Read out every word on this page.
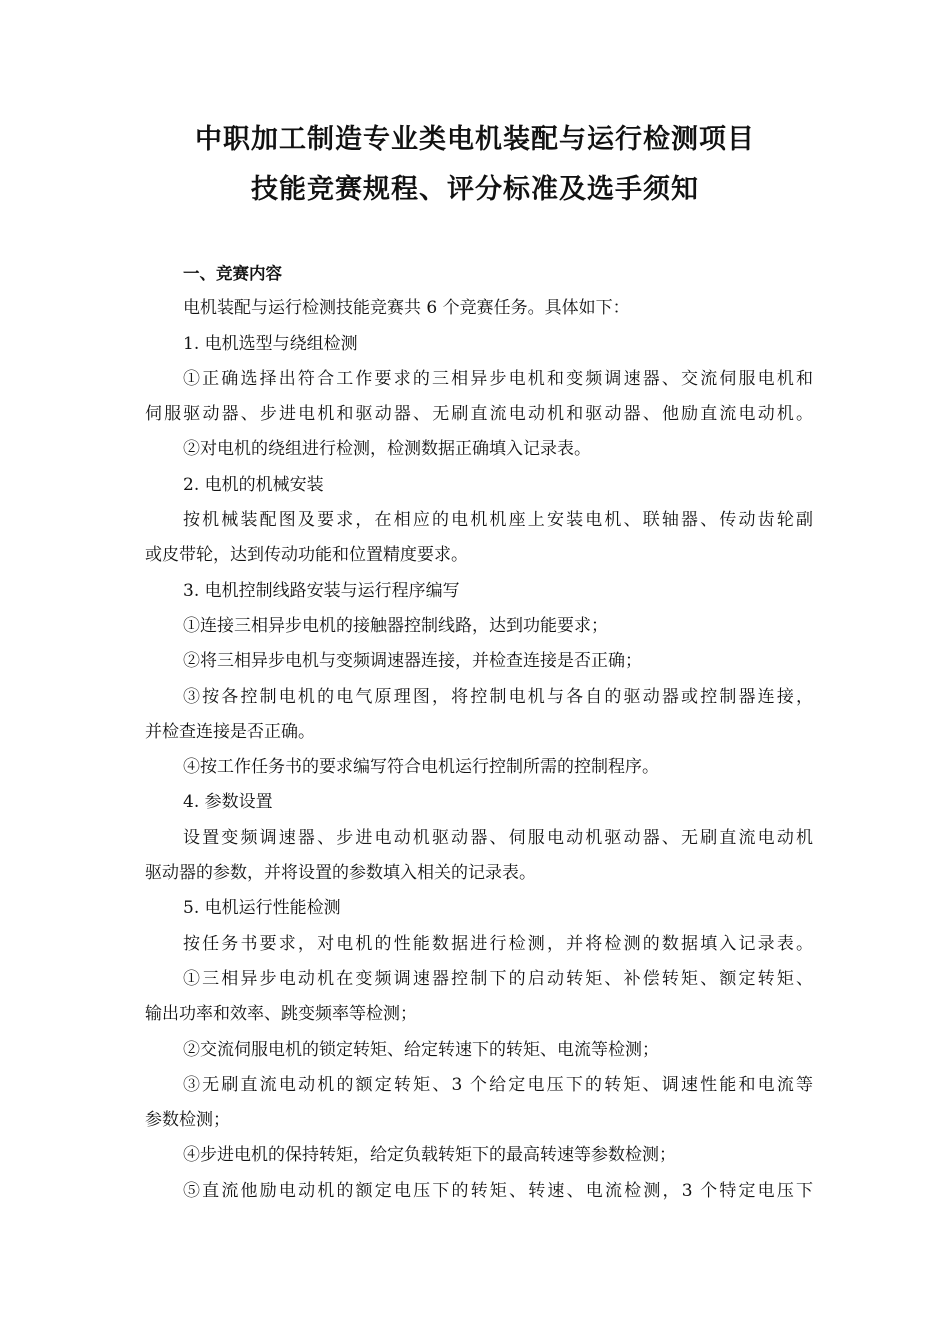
中职加工制造专业类电机装配与运行检测项目
技能竞赛规程、评分标准及选手须知
一、竞赛内容
电机装配与运行检测技能竞赛共 6 个竞赛任务。具体如下：
1. 电机选型与绕组检测
①正确选择出符合工作要求的三相异步电机和变频调速器、交流伺服电机和
伺服驱动器、步进电机和驱动器、无刷直流电动机和驱动器、他励直流电动机。
②对电机的绕组进行检测，检测数据正确填入记录表。
2. 电机的机械安装
按机械装配图及要求，在相应的电机机座上安装电机、联轴器、传动齿轮副
或皮带轮，达到传动功能和位置精度要求。
3. 电机控制线路安装与运行程序编写
①连接三相异步电机的接触器控制线路，达到功能要求；
②将三相异步电机与变频调速器连接，并检查连接是否正确；
③按各控制电机的电气原理图，将控制电机与各自的驱动器或控制器连接，
并检查连接是否正确。
④按工作任务书的要求编写符合电机运行控制所需的控制程序。
4. 参数设置
设置变频调速器、步进电动机驱动器、伺服电动机驱动器、无刷直流电动机
驱动器的参数，并将设置的参数填入相关的记录表。
5. 电机运行性能检测
按任务书要求，对电机的性能数据进行检测，并将检测的数据填入记录表。
①三相异步电动机在变频调速器控制下的启动转矩、补偿转矩、额定转矩、
输出功率和效率、跳变频率等检测；
②交流伺服电机的锁定转矩、给定转速下的转矩、电流等检测；
③无刷直流电动机的额定转矩、3 个给定电压下的转矩、调速性能和电流等
参数检测；
④步进电机的保持转矩，给定负载转矩下的最高转速等参数检测；
⑤直流他励电动机的额定电压下的转矩、转速、电流检测，3 个特定电压下
